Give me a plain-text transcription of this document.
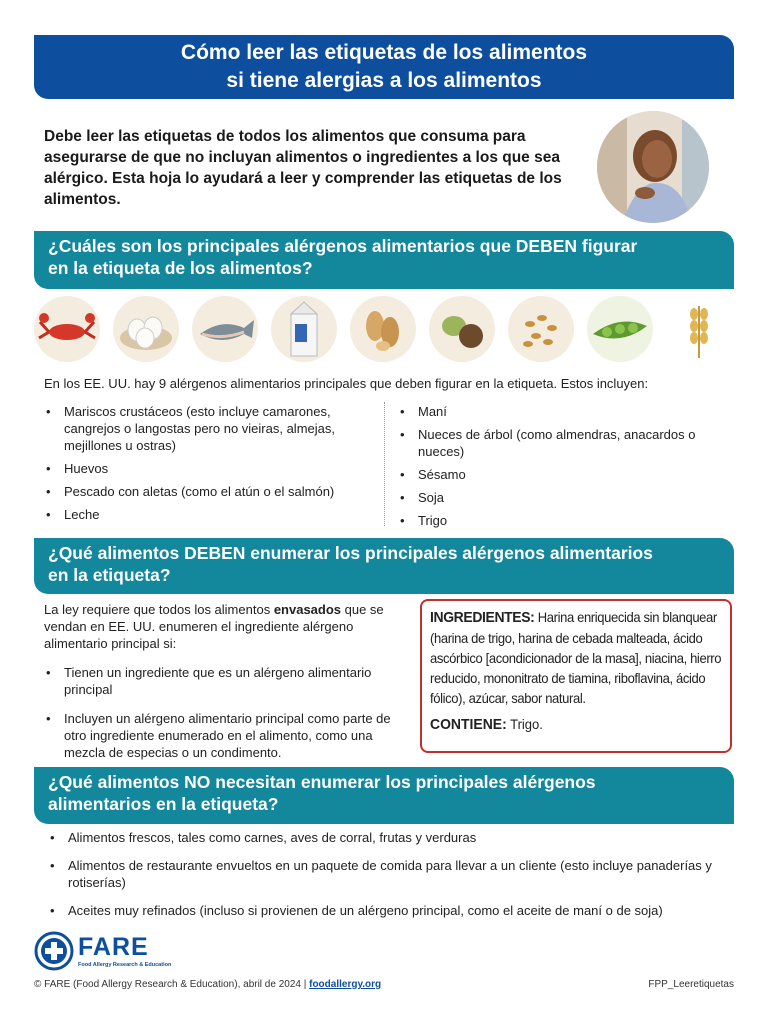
Cómo leer las etiquetas de los alimentos
si tiene alergias a los alimentos
Debe leer las etiquetas de todos los alimentos que consuma para asegurarse de que no incluyan alimentos o ingredientes a los que sea alérgico. Esta hoja lo ayudará a leer y comprender las etiquetas de los alimentos.
¿Cuáles son los principales alérgenos alimentarios que DEBEN figurar
en la etiqueta de los alimentos?
En los EE. UU. hay 9 alérgenos alimentarios principales que deben figurar en la etiqueta. Estos incluyen:
• Mariscos crustáceos (esto incluye camarones, cangrejos o langostas pero no vieiras, almejas, mejillones u ostras)
• Huevos
• Pescado con aletas (como el atún o el salmón)
• Leche
• Maní
• Nueces de árbol (como almendras, anacardos o nueces)
• Sésamo
• Soja
• Trigo
¿Qué alimentos DEBEN enumerar los principales alérgenos alimentarios
en la etiqueta?
La ley requiere que todos los alimentos envasados que se vendan en EE. UU. enumeren el ingrediente alérgeno alimentario principal si:
• Tienen un ingrediente que es un alérgeno alimentario principal
• Incluyen un alérgeno alimentario principal como parte de otro ingrediente enumerado en el alimento, como una mezcla de especias o un condimento.
INGREDIENTES: Harina enriquecida sin blanquear (harina de trigo, harina de cebada malteada, ácido ascórbico [acondicionador de la masa], niacina, hierro reducido, mononitrato de tiamina, riboflavina, ácido fólico), azúcar, sabor natural.
CONTIENE: Trigo.
¿Qué alimentos NO necesitan enumerar los principales alérgenos
alimentarios en la etiqueta?
• Alimentos frescos, tales como carnes, aves de corral, frutas y verduras
• Alimentos de restaurante envueltos en un paquete de comida para llevar a un cliente (esto incluye panaderías y rotiserías)
• Aceites muy refinados (incluso si provienen de un alérgeno principal, como el aceite de maní o de soja)
FARE
Food Allergy Research & Education
© FARE (Food Allergy Research & Education), abril de 2024 | foodallergy.org	FPP_Leeretiquetas
